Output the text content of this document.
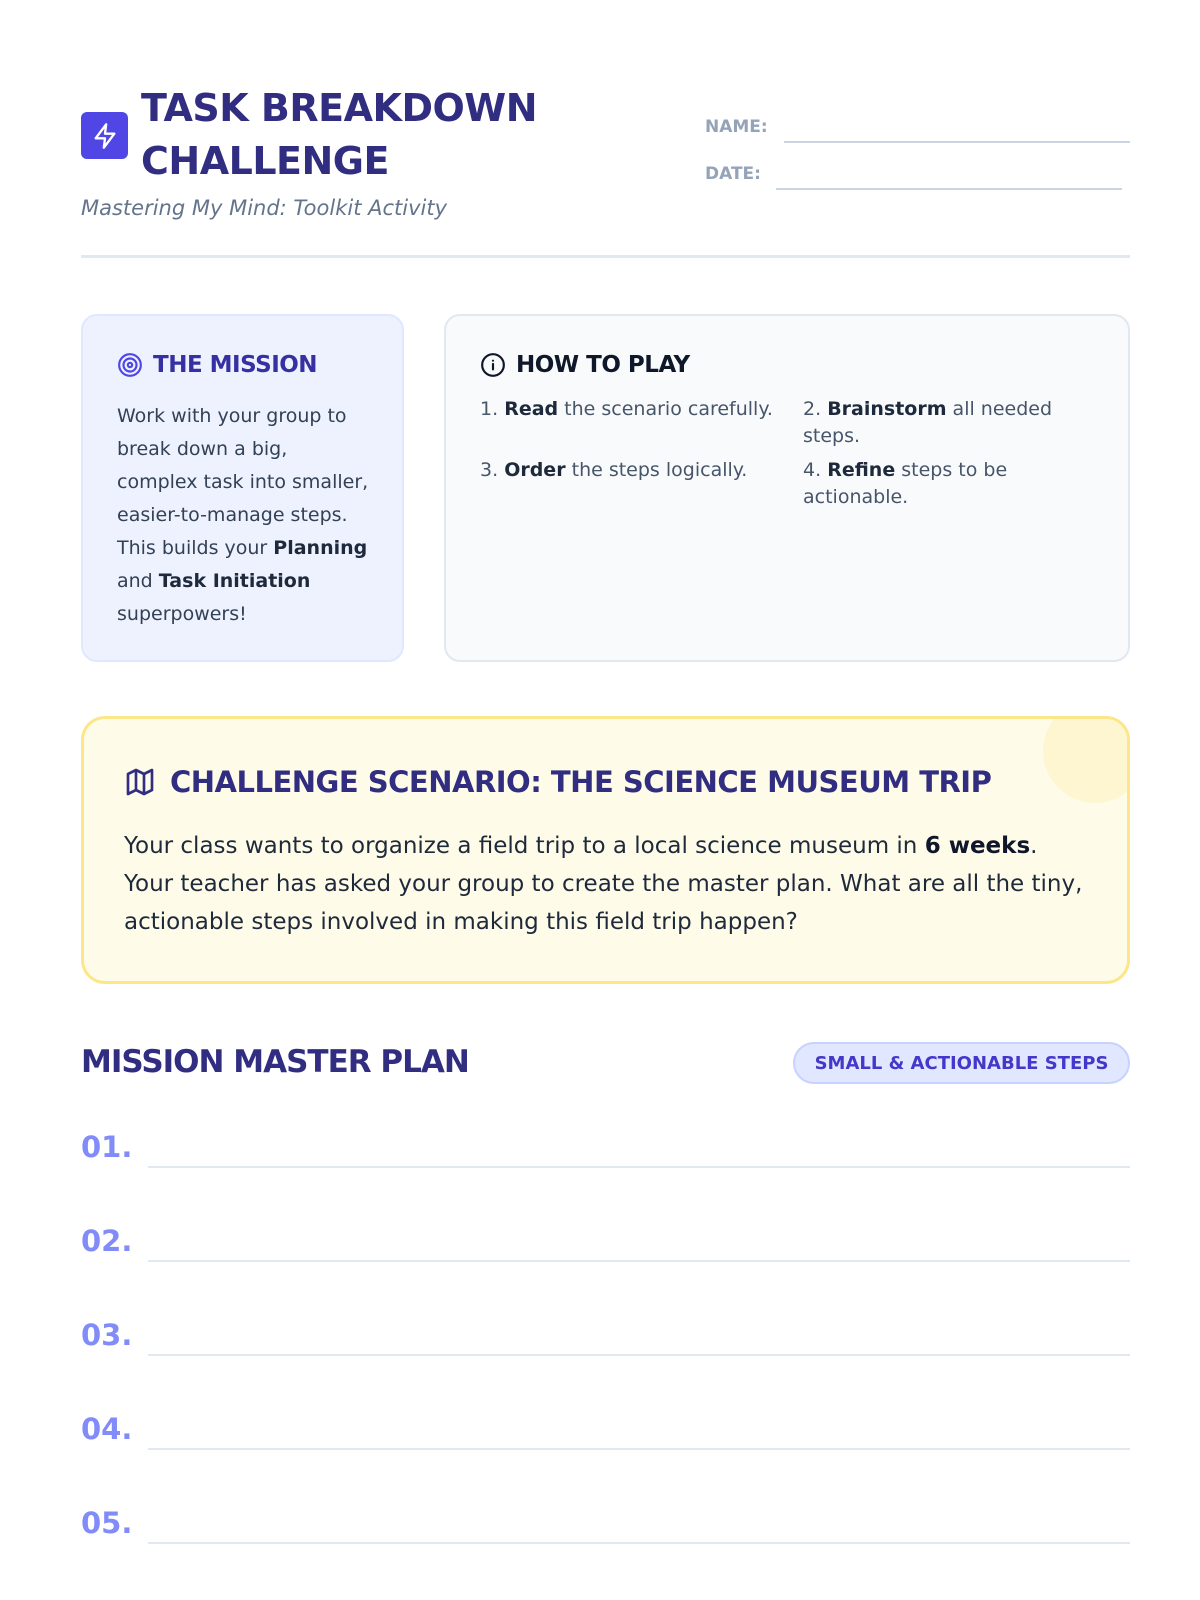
TASK BREAKDOWN CHALLENGE
Mastering My Mind: Toolkit Activity
NAME:
DATE:
THE MISSION
Work with your group to break down a big, complex task into smaller, easier-to-manage steps. This builds your Planning and Task Initiation superpowers!
HOW TO PLAY
1. Read the scenario carefully.	2. Brainstorm all needed steps.
3. Order the steps logically.	4. Refine steps to be actionable.
CHALLENGE SCENARIO: THE SCIENCE MUSEUM TRIP
Your class wants to organize a field trip to a local science museum in 6 weeks. Your teacher has asked your group to create the master plan. What are all the tiny, actionable steps involved in making this field trip happen?
MISSION MASTER PLAN	SMALL & ACTIONABLE STEPS
01.
02.
03.
04.
05.
